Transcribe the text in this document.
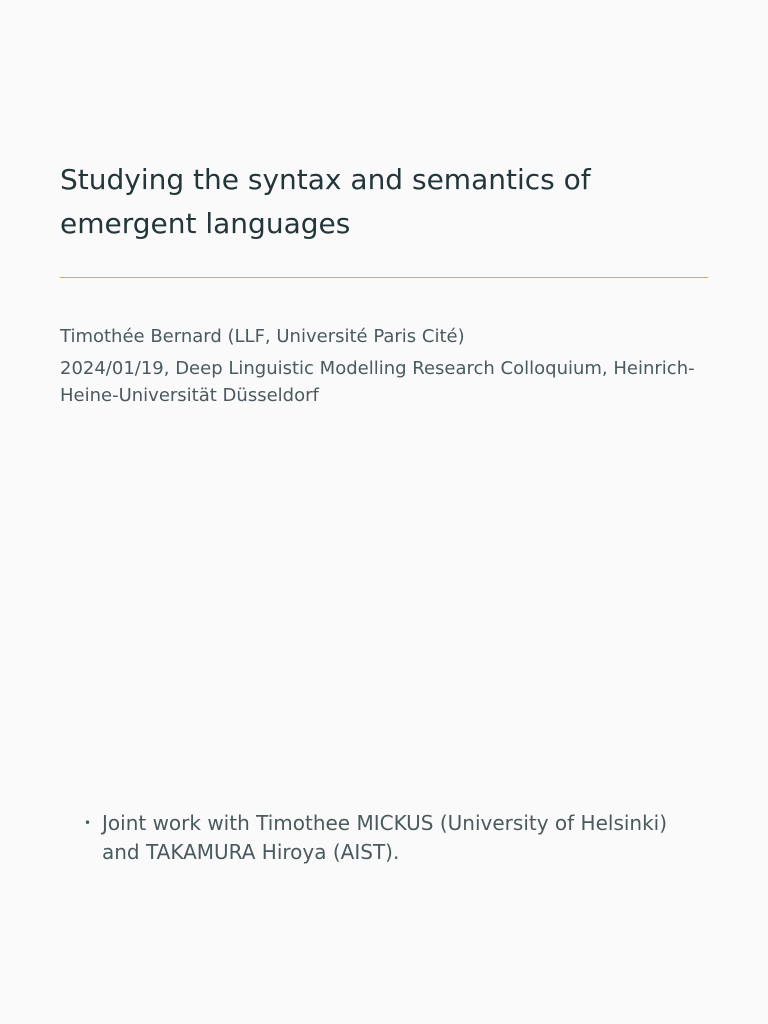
Studying the syntax and semantics of emergent languages

Timothée Bernard (LLF, Université Paris Cité)

2024/01/19, Deep Linguistic Modelling Research Colloquium, Heinrich-Heine-Universität Düsseldorf

• Joint work with Timothee MICKUS (University of Helsinki) and TAKAMURA Hiroya (AIST).
